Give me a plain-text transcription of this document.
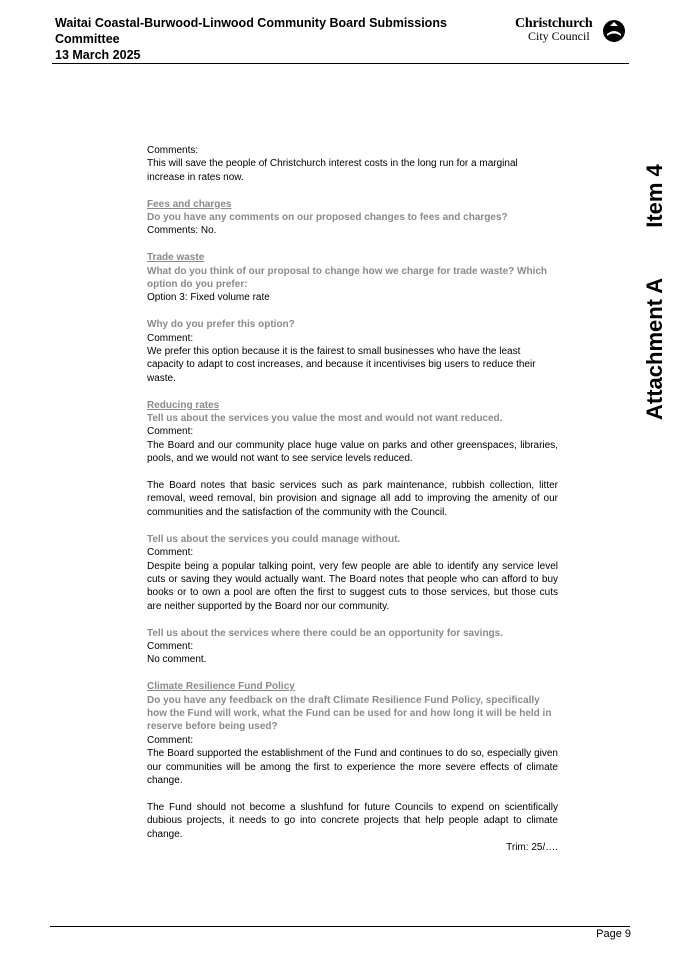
Waitai Coastal-Burwood-Linwood Community Board Submissions Committee
13 March 2025
Christchurch
City Council
Attachment AItem 4

Comments:

This will save the people of Christchurch interest costs in the long run for a marginal increase in rates now.

Fees and charges

Do you have any comments on our proposed changes to fees and charges?

Comments: No.

Trade waste

What do you think of our proposal to change how we charge for trade waste? Which option do you prefer:

Option 3: Fixed volume rate

Why do you prefer this option?

Comment:

We prefer this option because it is the fairest to small businesses who have the least capacity to adapt to cost increases, and because it incentivises big users to reduce their waste.

Reducing rates

Tell us about the services you value the most and would not want reduced.

Comment:

The Board and our community place huge value on parks and other greenspaces, libraries, pools, and we would not want to see service levels reduced.

The Board notes that basic services such as park maintenance, rubbish collection, litter removal, weed removal, bin provision and signage all add to improving the amenity of our communities and the satisfaction of the community with the Council.

Tell us about the services you could manage without.

Comment:

Despite being a popular talking point, very few people are able to identify any service level cuts or saving they would actually want. The Board notes that people who can afford to buy books or to own a pool are often the first to suggest cuts to those services, but those cuts are neither supported by the Board nor our community.

Tell us about the services where there could be an opportunity for savings.

Comment:

No comment.

Climate Resilience Fund Policy

Do you have any feedback on the draft Climate Resilience Fund Policy, specifically how the Fund will work, what the Fund can be used for and how long it will be held in reserve before being used?

Comment:

The Board supported the establishment of the Fund and continues to do so, especially given our communities will be among the first to experience the more severe effects of climate change.

The Fund should not become a slushfund for future Councils to expend on scientifically dubious projects, it needs to go into concrete projects that help people adapt to climate change.

Trim: 25/….

Page 9
